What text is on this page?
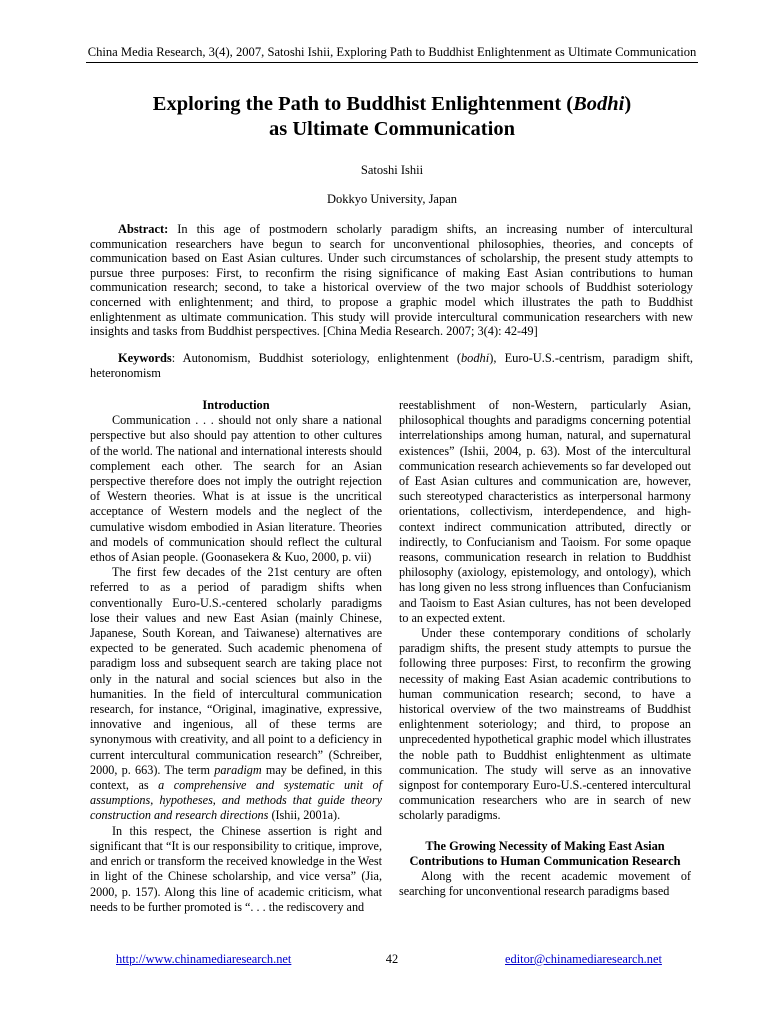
China Media Research, 3(4), 2007, Satoshi Ishii, Exploring Path to Buddhist Enlightenment as Ultimate Communication
Exploring the Path to Buddhist Enlightenment (Bodhi)
as Ultimate Communication
Satoshi Ishii
Dokkyo University, Japan
Abstract: In this age of postmodern scholarly paradigm shifts, an increasing number of intercultural communication researchers have begun to search for unconventional philosophies, theories, and concepts of communication based on East Asian cultures. Under such circumstances of scholarship, the present study attempts to pursue three purposes: First, to reconfirm the rising significance of making East Asian contributions to human communication research; second, to take a historical overview of the two major schools of Buddhist soteriology concerned with enlightenment; and third, to propose a graphic model which illustrates the path to Buddhist enlightenment as ultimate communication. This study will provide intercultural communication researchers with new insights and tasks from Buddhist perspectives. [China Media Research. 2007; 3(4): 42-49]
Keywords: Autonomism, Buddhist soteriology, enlightenment (bodhi), Euro-U.S.-centrism, paradigm shift, heteronomism
Introduction

Communication . . . should not only share a national perspective but also should pay attention to other cultures of the world. The national and international interests should complement each other. The search for an Asian perspective therefore does not imply the outright rejection of Western theories. What is at issue is the uncritical acceptance of Western models and the neglect of the cumulative wisdom embodied in Asian literature. Theories and models of communication should reflect the cultural ethos of Asian people. (Goonasekera & Kuo, 2000, p. vii)

The first few decades of the 21st century are often referred to as a period of paradigm shifts when conventionally Euro-U.S.-centered scholarly paradigms lose their values and new East Asian (mainly Chinese, Japanese, South Korean, and Taiwanese) alternatives are expected to be generated. Such academic phenomena of paradigm loss and subsequent search are taking place not only in the natural and social sciences but also in the humanities. In the field of intercultural communication research, for instance, “Original, imaginative, expressive, innovative and ingenious, all of these terms are synonymous with creativity, and all point to a deficiency in current intercultural communication research” (Schreiber, 2000, p. 663). The term paradigm may be defined, in this context, as a comprehensive and systematic unit of assumptions, hypotheses, and methods that guide theory construction and research directions (Ishii, 2001a).

In this respect, the Chinese assertion is right and significant that “It is our responsibility to critique, improve, and enrich or transform the received knowledge in the West in light of the Chinese scholarship, and vice versa” (Jia, 2000, p. 157). Along this line of academic criticism, what needs to be further promoted is “. . . the rediscovery and

reestablishment of non-Western, particularly Asian, philosophical thoughts and paradigms concerning potential interrelationships among human, natural, and supernatural existences” (Ishii, 2004, p. 63). Most of the intercultural communication research achievements so far developed out of East Asian cultures and communication are, however, such stereotyped characteristics as interpersonal harmony orientations, collectivism, interdependence, and high-context indirect communication attributed, directly or indirectly, to Confucianism and Taoism. For some opaque reasons, communication research in relation to Buddhist philosophy (axiology, epistemology, and ontology), which has long given no less strong influences than Confucianism and Taoism to East Asian cultures, has not been developed to an expected extent.

Under these contemporary conditions of scholarly paradigm shifts, the present study attempts to pursue the following three purposes: First, to reconfirm the growing necessity of making East Asian academic contributions to human communication research; second, to have a historical overview of the two mainstreams of Buddhist enlightenment soteriology; and third, to propose an unprecedented hypothetical graphic model which illustrates the noble path to Buddhist enlightenment as ultimate communication. The study will serve as an innovative signpost for contemporary Euro-U.S.-centered intercultural communication researchers who are in search of new scholarly paradigms.

The Growing Necessity of Making East Asian
Contributions to Human Communication Research

Along with the recent academic movement of searching for unconventional research paradigms based

http://www.chinamediaresearch.net	42	editor@chinamediaresearch.net
